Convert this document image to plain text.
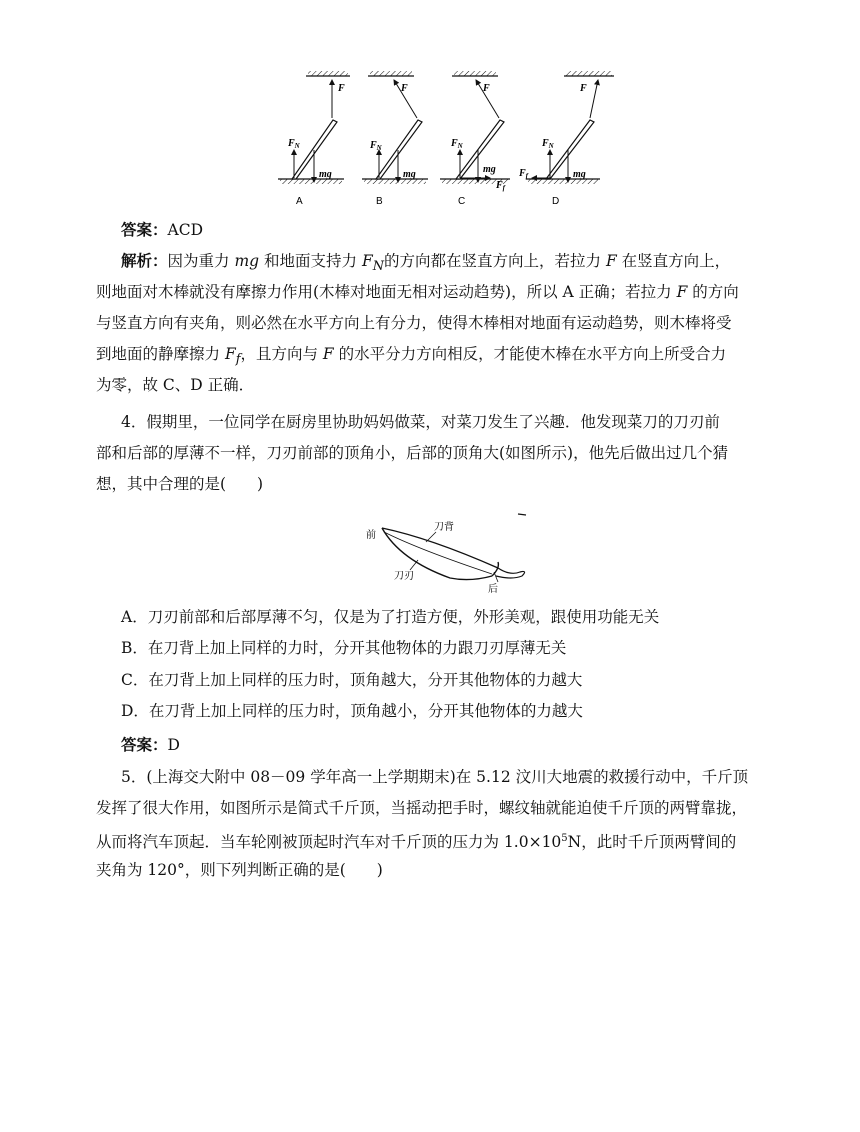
F
$F_N$
mg
A
F
$F_N$
mg
B
F
$F_N$
mg
$F_f$
C
F
$F_N$
mg
$F_f$
D
答案：ACD
解析：因为重力 mg 和地面支持力 $F_N$的方向都在竖直方向上，若拉力 F 在竖直方向上，
则地面对木棒就没有摩擦力作用(木棒对地面无相对运动趋势)，所以 A 正确；若拉力 F 的方向
与竖直方向有夹角，则必然在水平方向上有分力，使得木棒相对地面有运动趋势，则木棒将受
到地面的静摩擦力 $F_f$，且方向与 F 的水平分力方向相反，才能使木棒在水平方向上所受合力
为零，故 C、D 正确．
4．假期里，一位同学在厨房里协助妈妈做菜，对菜刀发生了兴趣．他发现菜刀的刀刃前
部和后部的厚薄不一样，刀刃前部的顶角小，后部的顶角大(如图所示)，他先后做出过几个猜
想，其中合理的是(　　)
前
刀背
刀刃
后
A．刀刃前部和后部厚薄不匀，仅是为了打造方便，外形美观，跟使用功能无关
B．在刀背上加上同样的力时，分开其他物体的力跟刀刃厚薄无关
C．在刀背上加上同样的压力时，顶角越大，分开其他物体的力越大
D．在刀背上加上同样的压力时，顶角越小，分开其他物体的力越大
答案：D
5．(上海交大附中 08－09 学年高一上学期期末)在 5.12 汶川大地震的救援行动中，千斤顶
发挥了很大作用，如图所示是简式千斤顶，当摇动把手时，螺纹轴就能迫使千斤顶的两臂靠拢，
从而将汽车顶起．当车轮刚被顶起时汽车对千斤顶的压力为 $1.0\times 10^5N$，此时千斤顶两臂间的
夹角为 120°，则下列判断正确的是(　　)
